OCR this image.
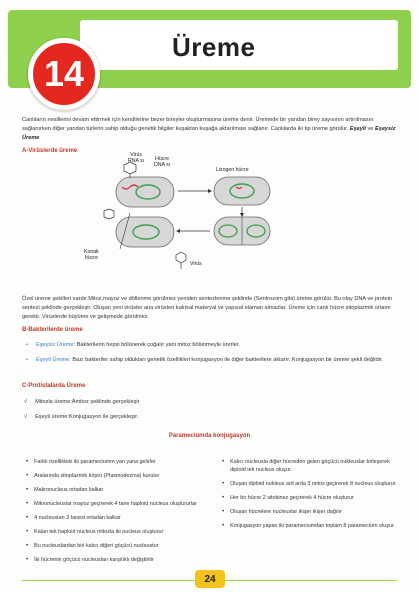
14
Üreme
Canlıların nesillerini devam ettirmek için kendilerine bezer bireyler oluşturmasına üreme denir. Üremede bir yandan birey sayısının artırılmasın sağlanırken diğer yandan türlerin sahip olduğu genetik bilgiler kuşaktan kuşağa aktarılması sağlanır. Canlılarda iki tip üreme görülür. Eşeyli ve Eşeysiz Üreme
A-Virüslerde üreme
Virüs
RNA sı Hücre
DNA sı
Lizogen hücre
Konak
hücre
Virüs
Özel üreme şekilleri vardır.Mitoz,mayoz ve döllenme görülmez yeniden sentezlenme şeklinde (Sentrozom gibi) üreme görülür. Bu olay DNA ve protein sentezi şeklinde gerçekleşir. Oluşan yeni virüsler ana virüsten kalıtsal materyal ve yapısal elaman almazlar. Üreme için canlı hücre sitoplazmik ortamı gerekir. Virüslerde büyüme ve gelişmede görülmez.
B-Bakterilerde üreme
• Eşeysiz Üreme: Bakterilerin hepsi bölünerek çoğalır yani mitoz bölünmeyle ürerler.
• Eşeyli Üreme: Bazı bakteriler sahip oldukları genetik özellikleri konjugasyon ile diğer bakterilere aktarır. Konjugasyon bir üreme şekli değildir.
C-Protistalarda Üreme
√ Mitozla üreme:Amitoz şeklinde gerçekleşir
√ Eşeyli üreme:Konjugasyon ile gerçekleşir.
Parameciumda konjugasyon
• Farklı özellikteki iki parameciumm yan yana gelirler
• Aralarında sitoplazmik köprü (Plasmodezma) kurulur
• Makronucleus ortadan kalkar
• Mikronucleuslar mayoz geçirerek 4 tane haploid nucleus oluştururlar
• 4 nucleustan 3 tanesi ortadan kalkar
• Kalan tek haploid nucleus mitozla iki nucleus oluşturur
• Bu nucleuslardan biri kalıcı diğeri göçücü nucleustur
• İki hücrenin göçücü nucleusları karşılıklı değiştirilir
• Kalıcı nucleusla diğer hücreden gelen göçücü nukleuslar birleşerek diploid tek nucleus oluşur.
• Oluşan diploid nukleus ard arda 3 mitoz geçirerek 8 nucleus oluşturur
• Her bir hücre 2 sitokinez geçirerek 4 hücre oluşturur
• Oluşan hücrelere nucleuslar ikişer ikişer dağılır
• Konjugasyon yapan iki parameciumdan toplam 8 paramecium oluşur.
24
